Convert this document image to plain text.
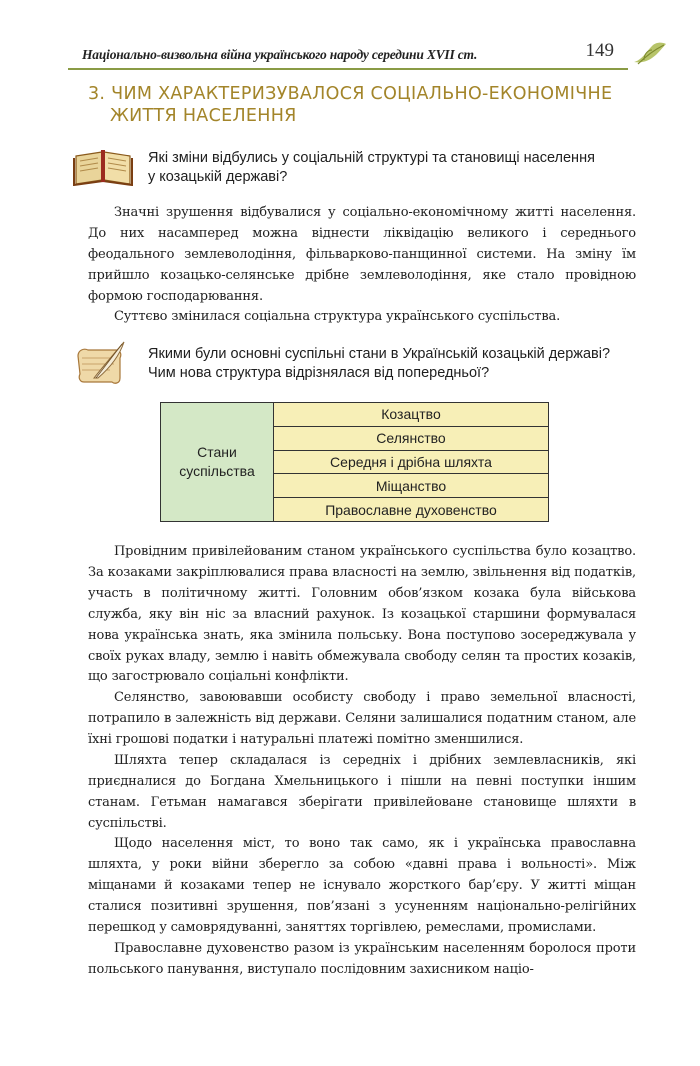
Національно-визвольна війна українського народу середини XVII ст.	149
3. ЧИМ ХАРАКТЕРИЗУВАЛОСЯ СОЦІАЛЬНО-ЕКОНОМІЧНЕ
ЖИТТЯ НАСЕЛЕННЯ
Які зміни відбулись у соціальній структурі та становищі населення
у козацькій державі?

Значні зрушення відбувалися у соціально-економічному житті населення. До них насамперед можна віднести ліквідацію великого і середнього феодального землеволодіння, фільварково-панщинної системи. На зміну їм прийшло козацько-селянське дрібне землеволодіння, яке стало провідною формою господарювання.

Суттєво змінилася соціальна структура українського суспільства.

Якими були основні суспільні стани в Українській козацькій державі?
Чим нова структура відрізнялася від попередньої?
Стани
суспільства
	Козацтво
Селянство
Середня і дрібна шляхта
Міщанство
Православне духовенство

Провідним привілейованим станом українського суспільства було козацтво. За козаками закріплювалися права власності на землю, звільнення від податків, участь в політичному житті. Головним обов’язком козака була військова служба, яку він ніс за власний рахунок. Із козацької старшини формувалася нова українська знать, яка змінила польську. Вона поступово зосереджувала у своїх руках владу, землю і навіть обмежувала свободу селян та простих козаків, що загострювало соціальні конфлікти.

Селянство, завоювавши особисту свободу і право земельної власності, потрапило в залежність від держави. Селяни залишалися податним станом, але їхні грошові податки і натуральні платежі помітно зменшилися.

Шляхта тепер складалася із середніх і дрібних землевласників, які приєдналися до Богдана Хмельницького і пішли на певні поступки іншим станам. Гетьман намагався зберігати привілейоване становище шляхти в суспільстві.

Щодо населення міст, то воно так само, як і українська православна шляхта, у роки війни зберегло за собою «давні права і вольності». Між міщанами й козаками тепер не існувало жорсткого бар’єру. У житті міщан сталися позитивні зрушення, пов’язані з усуненням національно-релігійних перешкод у самоврядуванні, заняттях торгівлею, ремеслами, промислами.

Православне духовенство разом із українським населенням боролося проти польського панування, виступало послідовним захисником націо-
